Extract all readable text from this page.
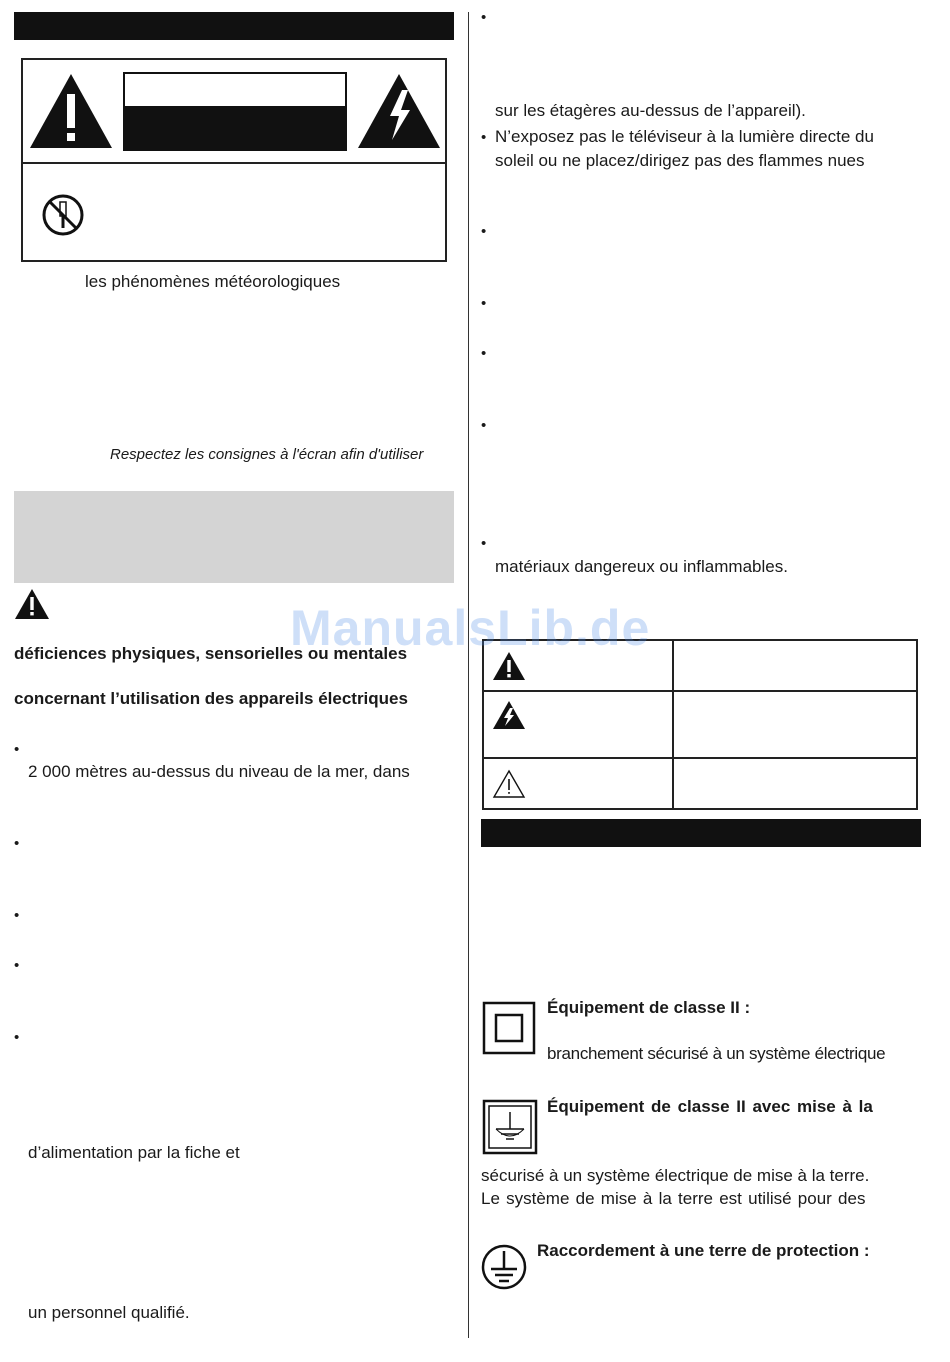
les phénomènes météorologiques
Respectez les consignes à l'écran afin d'utiliser
déficiences physiques, sensorielles ou mentales
concernant l’utilisation des appareils électriques
•
2 000 mètres au-dessus du niveau de la mer, dans
•
•
•
•
d’alimentation par la fiche et
un personnel qualifié.
•
sur les étagères au-dessus de l’appareil).
• N’exposez pas le téléviseur à la lumière directe du
soleil ou ne placez/dirigez pas des flammes nues
•
•
•
•
•
matériaux dangereux ou inflammables.
Équipement de classe II :
branchement sécurisé à un système électrique
Équipement de classe II avec mise à la
sécurisé à un système électrique de mise à la terre.
Le système de mise à la terre est utilisé pour des
Raccordement à une terre de protection :
ManualsLib.de
